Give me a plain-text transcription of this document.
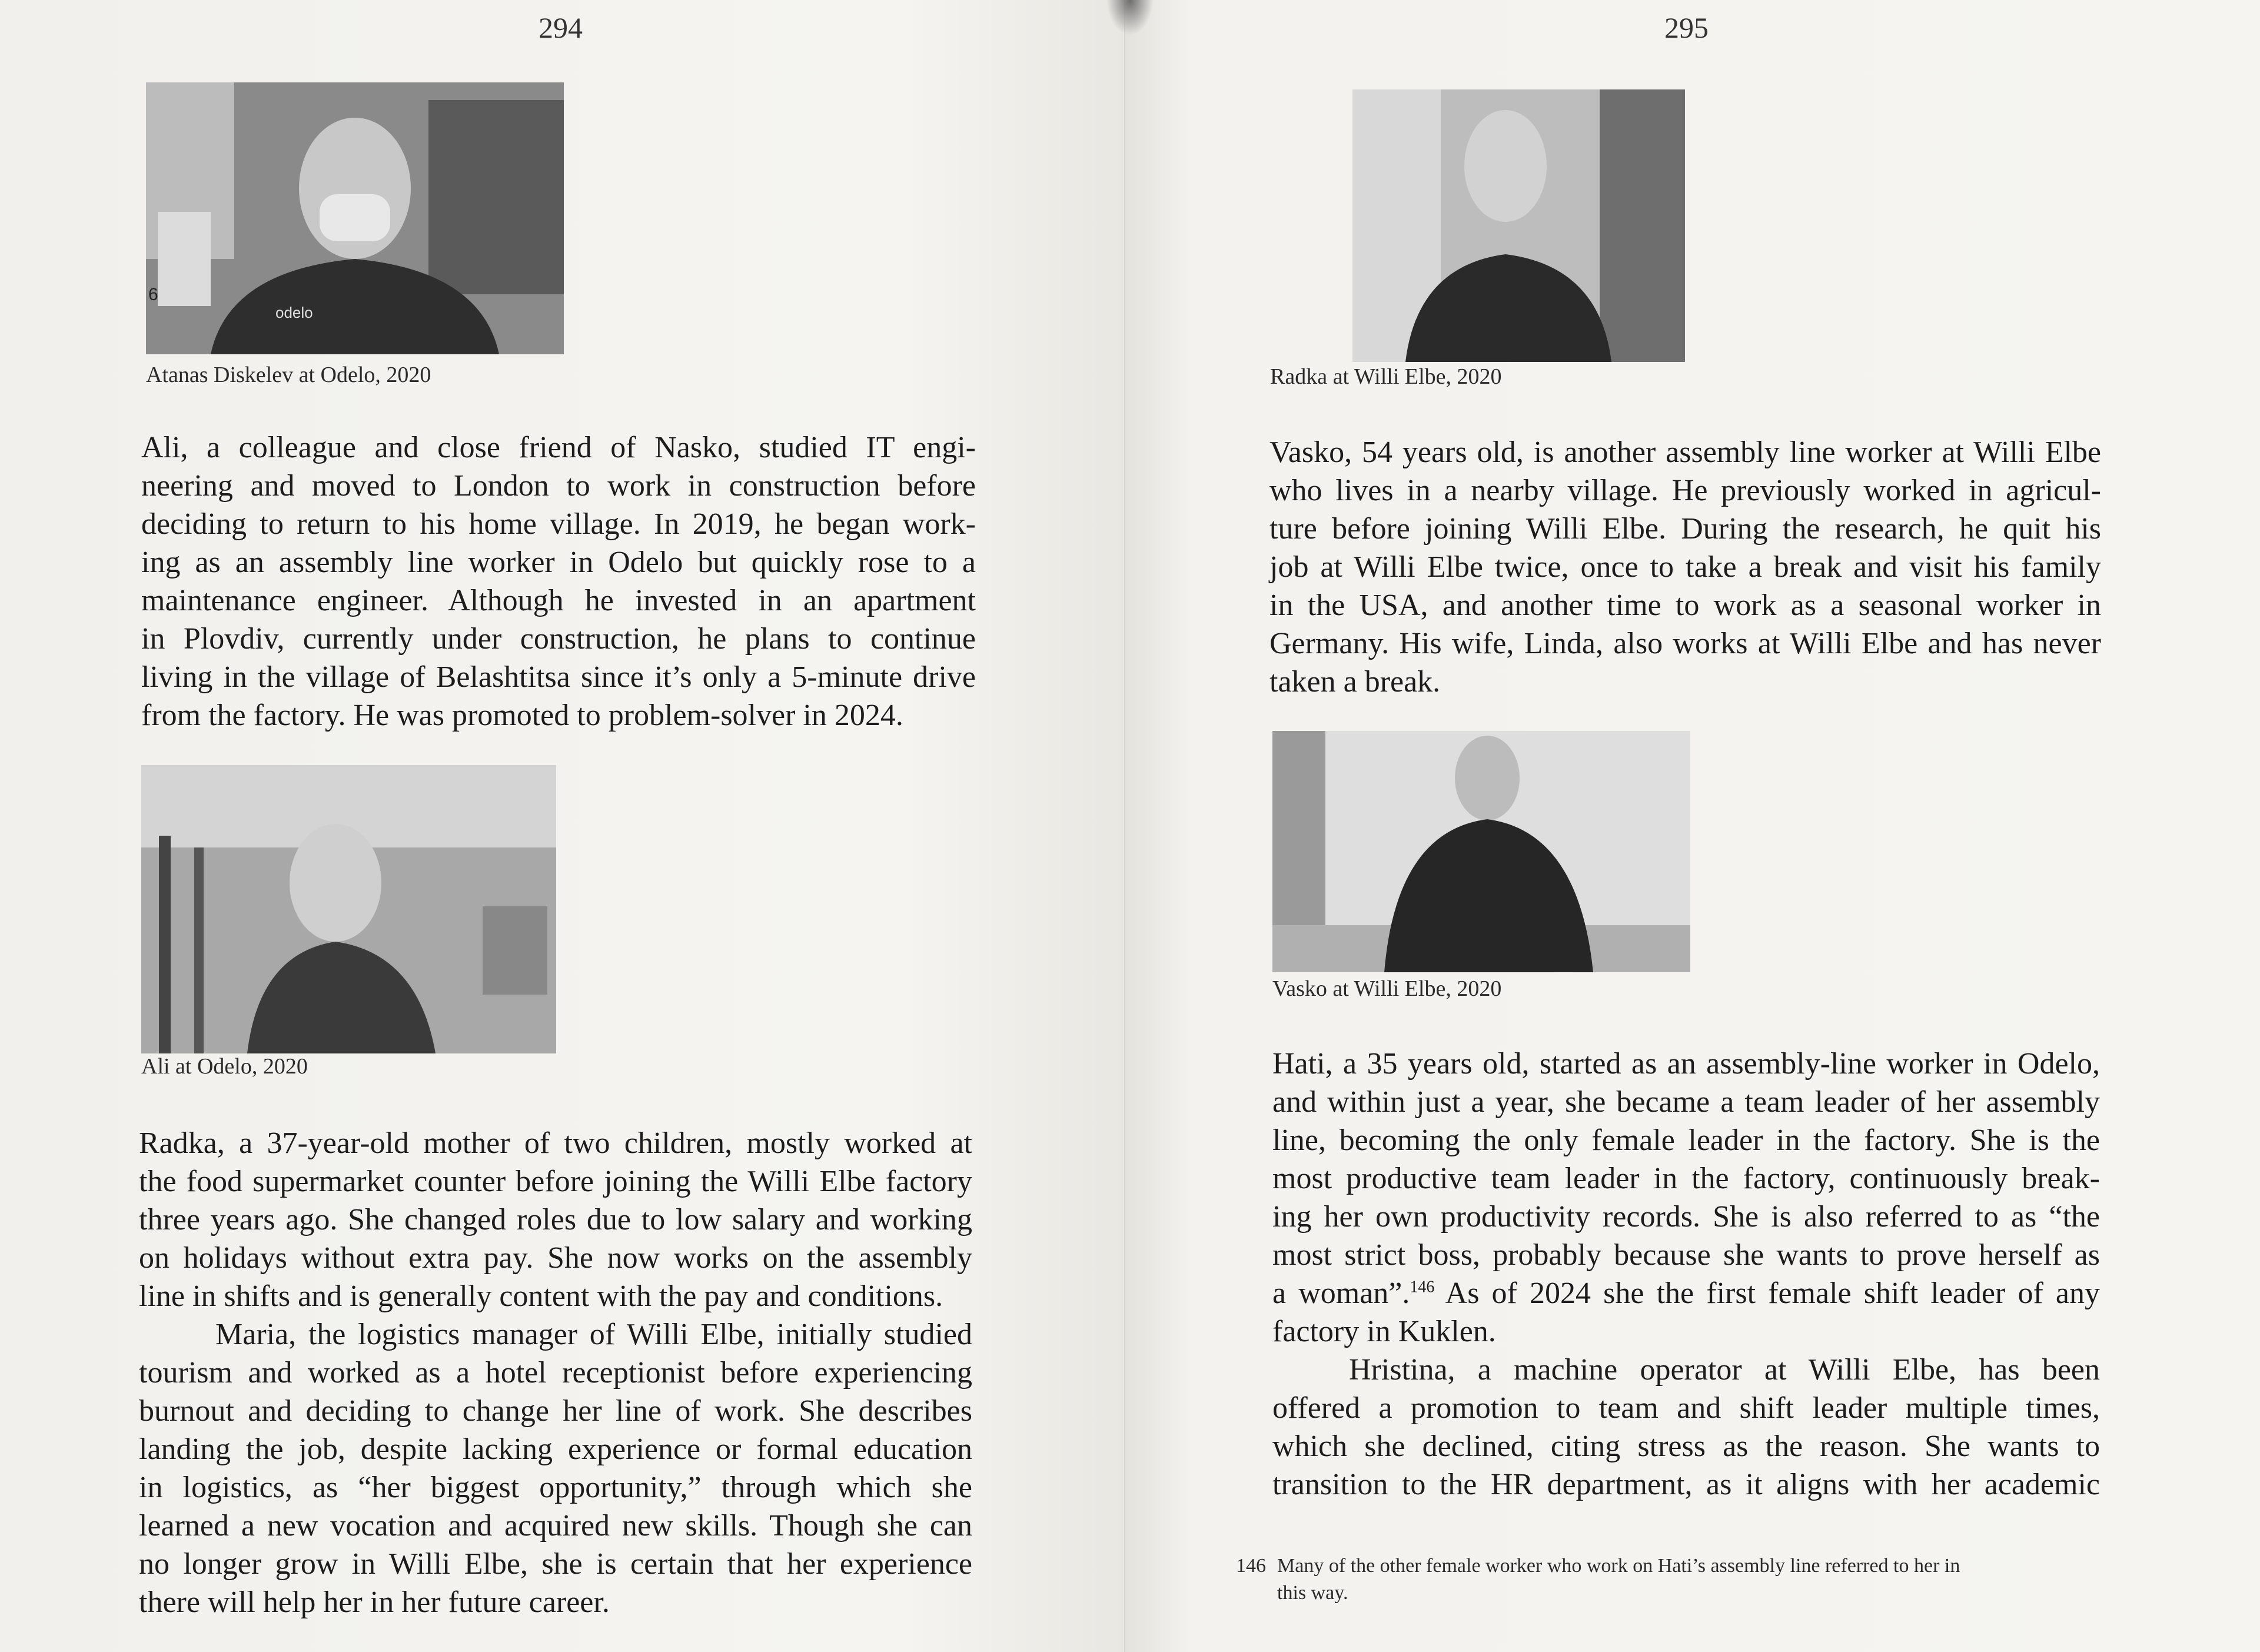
294
odelo
6
Atanas Diskelev at Odelo, 2020

Ali, a colleague and close friend of Nasko, studied IT engi-

neering and moved to London to work in construction before

deciding to return to his home village. In 2019, he began work-

ing as an assembly line worker in Odelo but quickly rose to a

maintenance engineer. Although he invested in an apartment

in Plovdiv, currently under construction, he plans to continue

living in the village of Belashtitsa since it’s only a 5-minute drive

from the factory. He was promoted to problem-solver in 2024.

Ali at Odelo, 2020

Radka, a 37-year-old mother of two children, mostly worked at

the food supermarket counter before joining the Willi Elbe factory

three years ago. She changed roles due to low salary and working

on holidays without extra pay. She now works on the assembly

line in shifts and is generally content with the pay and conditions.

Maria, the logistics manager of Willi Elbe, initially studied

tourism and worked as a hotel receptionist before experiencing

burnout and deciding to change her line of work. She describes

landing the job, despite lacking experience or formal education

in logistics, as “her biggest opportunity,” through which she

learned a new vocation and acquired new skills. Though she can

no longer grow in Willi Elbe, she is certain that her experience

there will help her in her future career.

295
Radka at Willi Elbe, 2020

Vasko, 54 years old, is another assembly line worker at Willi Elbe

who lives in a nearby village. He previously worked in agricul-

ture before joining Willi Elbe. During the research, he quit his

job at Willi Elbe twice, once to take a break and visit his family

in the USA, and another time to work as a seasonal worker in

Germany. His wife, Linda, also works at Willi Elbe and has never

taken a break.

Vasko at Willi Elbe, 2020

Hati, a 35 years old, started as an assembly-line worker in Odelo,

and within just a year, she became a team leader of her assembly

line, becoming the only female leader in the factory. She is the

most productive team leader in the factory, continuously break-

ing her own productivity records. She is also referred to as “the

most strict boss, probably because she wants to prove herself as

a woman”.$^{146}$ As of 2024 she the first female shift leader of any

factory in Kuklen.

Hristina, a machine operator at Willi Elbe, has been

offered a promotion to team and shift leader multiple times,

which she declined, citing stress as the reason. She wants to

transition to the HR department, as it aligns with her academic

146 Many of the other female worker who work on Hati’s assembly line referred to her in
this way.
